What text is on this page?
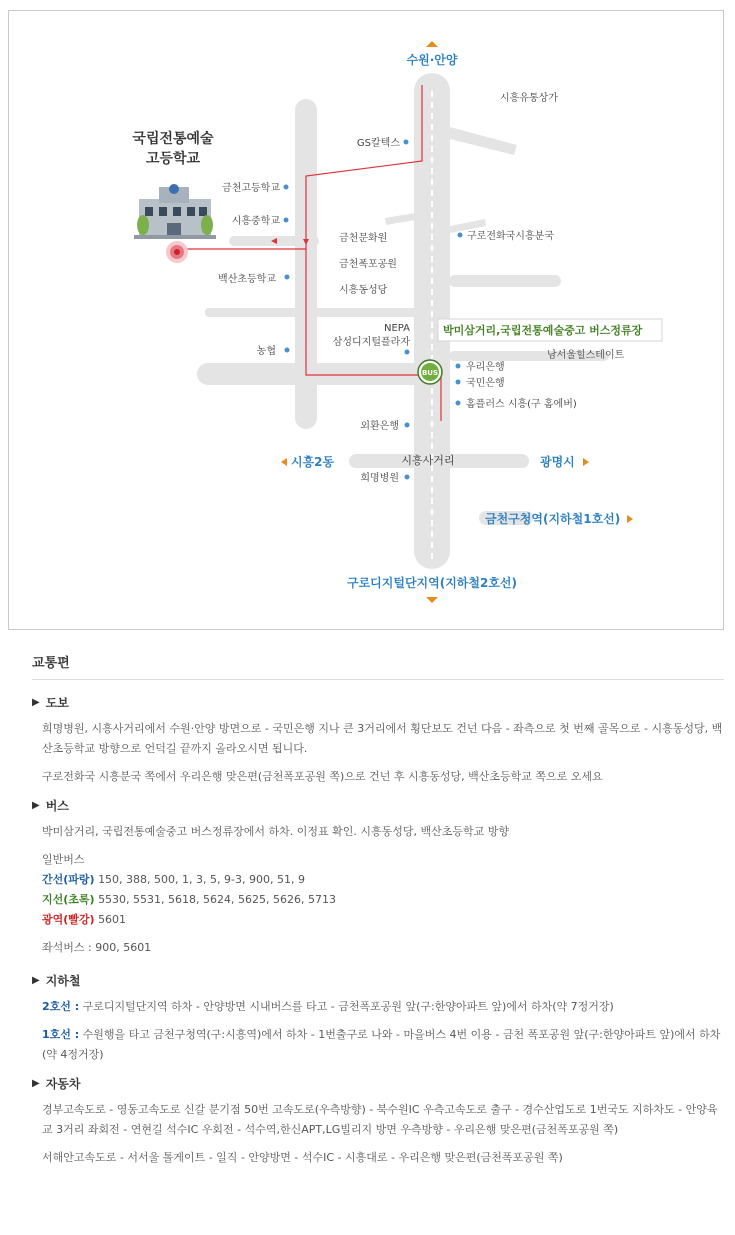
국립전통예술
고등학교
수원·안양
구로디지털단지역(지하철2호선)
시흥2동	광명시
금천구청역(지하철1호선)
시흥유통상가
GS칼텍스
금천고등학교
시흥중학교
백산초등학교
금천문화원
금천폭포공원
시흥동성당
구로전화국시흥분국
NEPA
삼성디지털플라자
농협	남서울힐스테이트
우리은행
국민은행
홈플러스 시흥(구 홈에버)
외환은행
시흥사거리
희명병원
박미삼거리,국립전통예술중고 버스정류장
BUS
교통편
▶ 도보
희명병원, 시흥사거리에서 수원·안양 방면으로 - 국민은행 지나 큰 3거리에서 횡단보도 건넌 다음 - 좌측으로 첫 번째 골목으로 - 시흥동성당, 백산초등학교 방향으로 언덕길 끝까지 올라오시면 됩니다.
구로전화국 시흥분국 쪽에서 우리은행 맞은편(금천폭포공원 쪽)으로 건넌 후 시흥동성당, 백산초등학교 쪽으로 오세요
▶ 버스
박미삼거리, 국립전통예술중고 버스정류장에서 하차. 이정표 확인. 시흥동성당, 백산초등학교 방향
일반버스
간선(파랑) 150, 388, 500, 1, 3, 5, 9-3, 900, 51, 9
지선(초록) 5530, 5531, 5618, 5624, 5625, 5626, 5713
광역(빨강) 5601
좌석버스 : 900, 5601
▶ 지하철
2호선 : 구로디지털단지역 하차 - 안양방면 시내버스를 타고 - 금천폭포공원 앞(구:한양아파트 앞)에서 하차(약 7정거장)
1호선 : 수원행을 타고 금천구청역(구:시흥역)에서 하차 - 1번출구로 나와 - 마을버스 4번 이용 - 금천 폭포공원 앞(구:한양아파트 앞)에서 하차(약 4정거장)
▶ 자동차
경부고속도로 - 영동고속도로 신갈 분기점 50번 고속도로(우측방향) - 북수원IC 우측고속도로 출구 - 경수산업도로 1번국도 지하차도 - 안양육교 3거리 좌회전 - 연현길 석수IC 우회전 - 석수역,한신APT,LG빌리지 방면 우측방향 - 우리은행 맞은편(금천폭포공원 쪽)
서해안고속도로 - 서서울 톨게이트 - 일직 - 안양방면 - 석수IC - 시흥대로 - 우리은행 맞은편(금천폭포공원 쪽)
